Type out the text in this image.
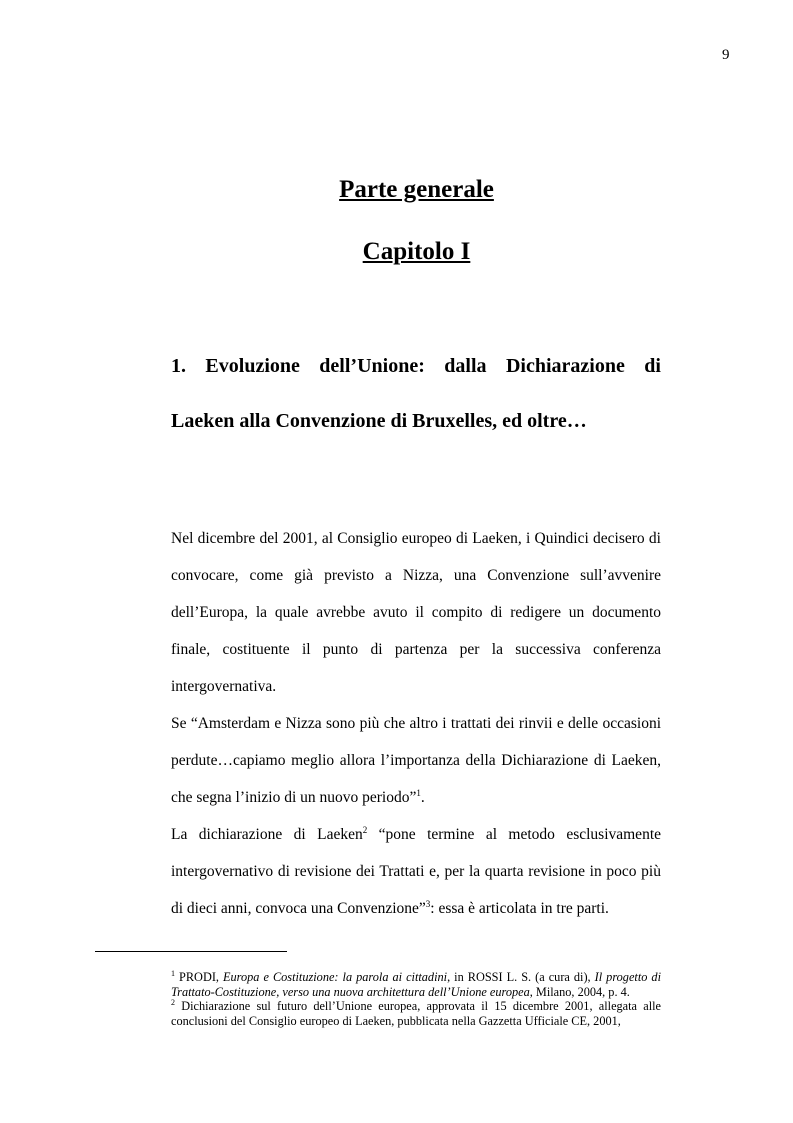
9
Parte generale
Capitolo I
1. Evoluzione dell’Unione: dalla Dichiarazione di
Laeken alla Convenzione di Bruxelles, ed oltre…

Nel dicembre del 2001, al Consiglio europeo di Laeken, i Quindici decisero di convocare, come già previsto a Nizza, una Convenzione sull’avvenire dell’Europa, la quale avrebbe avuto il compito di redigere un documento finale, costituente il punto di partenza per la successiva conferenza intergovernativa.

Se “Amsterdam e Nizza sono più che altro i trattati dei rinvii e delle occasioni perdute…capiamo meglio allora l’importanza della Dichiarazione di Laeken, che segna l’inizio di un nuovo periodo”$^1$.

La dichiarazione di Laeken$^2$ “pone termine al metodo esclusivamente intergovernativo di revisione dei Trattati e, per la quarta revisione in poco più di dieci anni, convoca una Convenzione”$^3$: essa è articolata in tre parti.

$^1$ PRODI, Europa e Costituzione: la parola ai cittadini, in ROSSI L. S. (a cura di), Il progetto di Trattato-Costituzione, verso una nuova architettura dell’Unione europea, Milano, 2004, p. 4.

$^2$ Dichiarazione sul futuro dell’Unione europea, approvata il 15 dicembre 2001, allegata alle conclusioni del Consiglio europeo di Laeken, pubblicata nella Gazzetta Ufficiale CE, 2001,
